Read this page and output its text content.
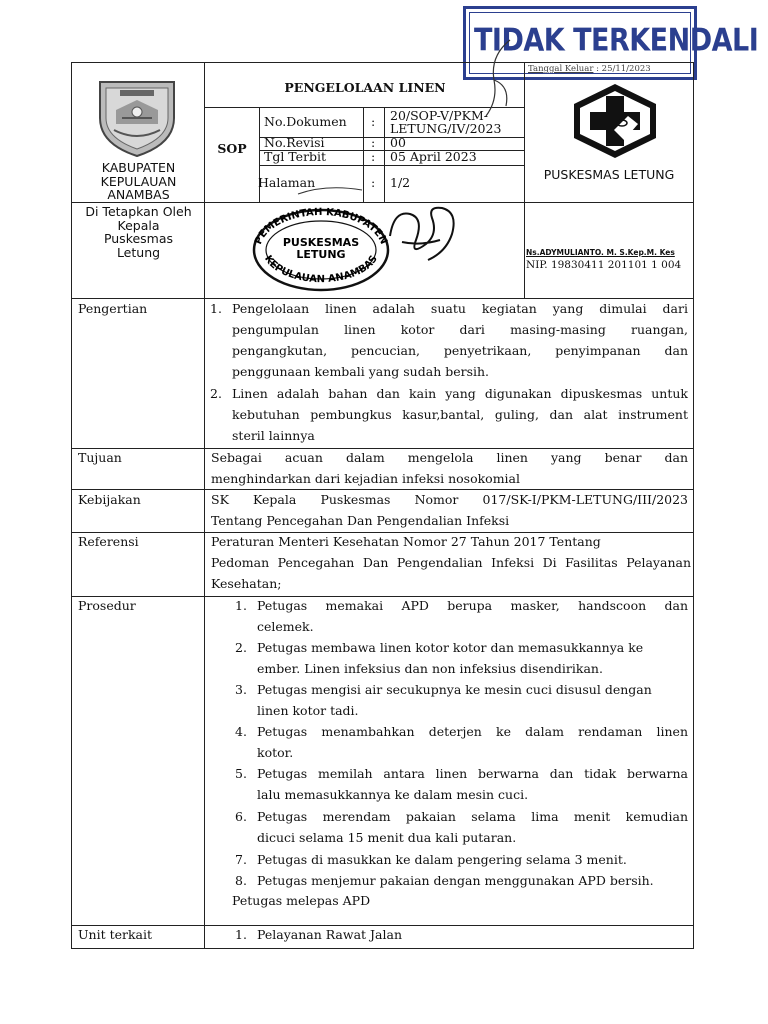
TIDAK TERKENDALI
Tanggal Keluar : 25/11/2023
KABUPATEN
KEPULAUAN
ANAMBAS
PENGELOLAAN LINEN
SOP
No.Dokumen : 20/SOP-V/PKM-
LETUNG/IV/2023
No.Revisi	: 00
Tgl Terbit	: 05 April 2023
Halaman	: 1/2
PUSKESMAS LETUNG
Di Tetapkan Oleh
Kepala
Puskesmas
Letung
PEMERINTAH KABUPATEN
KEPULAUAN ANAMBAS
PUSKESMAS
LETUNG	Ns.ADYMULIANTO. M. S.Kep.M. Kes
NIP. 19830411 201101 1 004
Pengertian	1. Pengelolaan linen adalah suatu kegiatan yang dimulai dari
pengumpulan linen kotor dari masing-masing ruangan,
pengangkutan, pencucian, penyetrikaan, penyimpanan dan
penggunaan kembali yang sudah bersih.
2. Linen adalah bahan dan kain yang digunakan dipuskesmas untuk
kebutuhan pembungkus kasur,bantal, guling, dan alat instrument
steril lainnya
Tujuan	Sebagai acuan dalam mengelola linen yang benar dan
menghindarkan dari kejadian infeksi nosokomial
Kebijakan	SK Kepala Puskesmas Nomor 017/SK-I/PKM-LETUNG/III/2023
Tentang Pencegahan Dan Pengendalian Infeksi
Referensi	Peraturan Menteri Kesehatan Nomor 27 Tahun 2017 Tentang
Pedoman Pencegahan Dan Pengendalian Infeksi Di Fasilitas Pelayanan
Kesehatan;
Prosedur	1. Petugas memakai APD berupa masker, handscoon dan
celemek.
2. Petugas membawa linen kotor kotor dan memasukkannya ke
ember. Linen infeksius dan non infeksius disendirikan.
3. Petugas mengisi air secukupnya ke mesin cuci disusul dengan
linen kotor tadi.
4. Petugas menambahkan deterjen ke dalam rendaman linen
kotor.
5. Petugas memilah antara linen berwarna dan tidak berwarna
lalu memasukkannya ke dalam mesin cuci.
6. Petugas merendam pakaian selama lima menit kemudian
dicuci selama 15 menit dua kali putaran.
7. Petugas di masukkan ke dalam pengering selama 3 menit.
8. Petugas menjemur pakaian dengan menggunakan APD bersih.
Petugas melepas APD
Unit terkait	1. Pelayanan Rawat Jalan
